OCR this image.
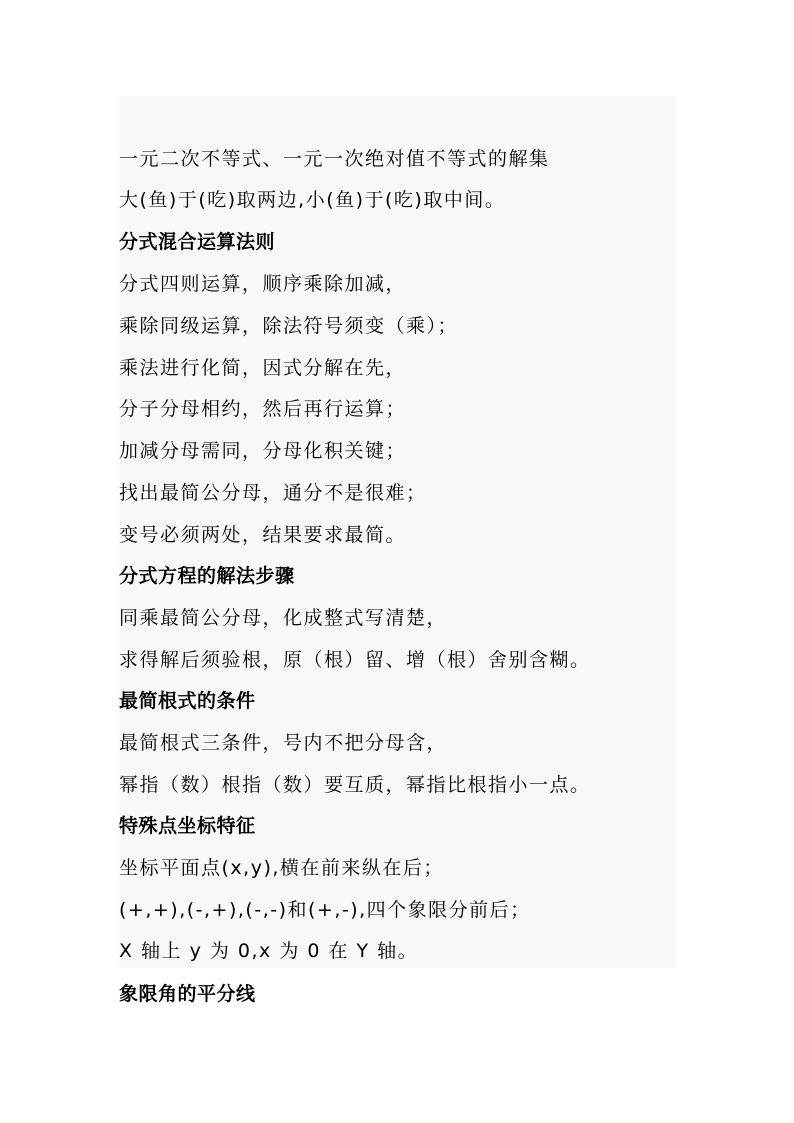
一元二次不等式、一元一次绝对值不等式的解集
大(鱼)于(吃)取两边,小(鱼)于(吃)取中间。
分式混合运算法则
分式四则运算，顺序乘除加减，
乘除同级运算，除法符号须变（乘）；
乘法进行化简，因式分解在先，
分子分母相约，然后再行运算；
加减分母需同，分母化积关键；
找出最简公分母，通分不是很难；
变号必须两处，结果要求最简。
分式方程的解法步骤
同乘最简公分母，化成整式写清楚，
求得解后须验根，原（根）留、增（根）舍别含糊。
最简根式的条件
最简根式三条件，号内不把分母含，
幂指（数）根指（数）要互质，幂指比根指小一点。
特殊点坐标特征
坐标平面点(x,y),横在前来纵在后；
(+,+),(-,+),(-,-)和(+,-),四个象限分前后；
X 轴上 y 为 0,x 为 0 在 Y 轴。
象限角的平分线
